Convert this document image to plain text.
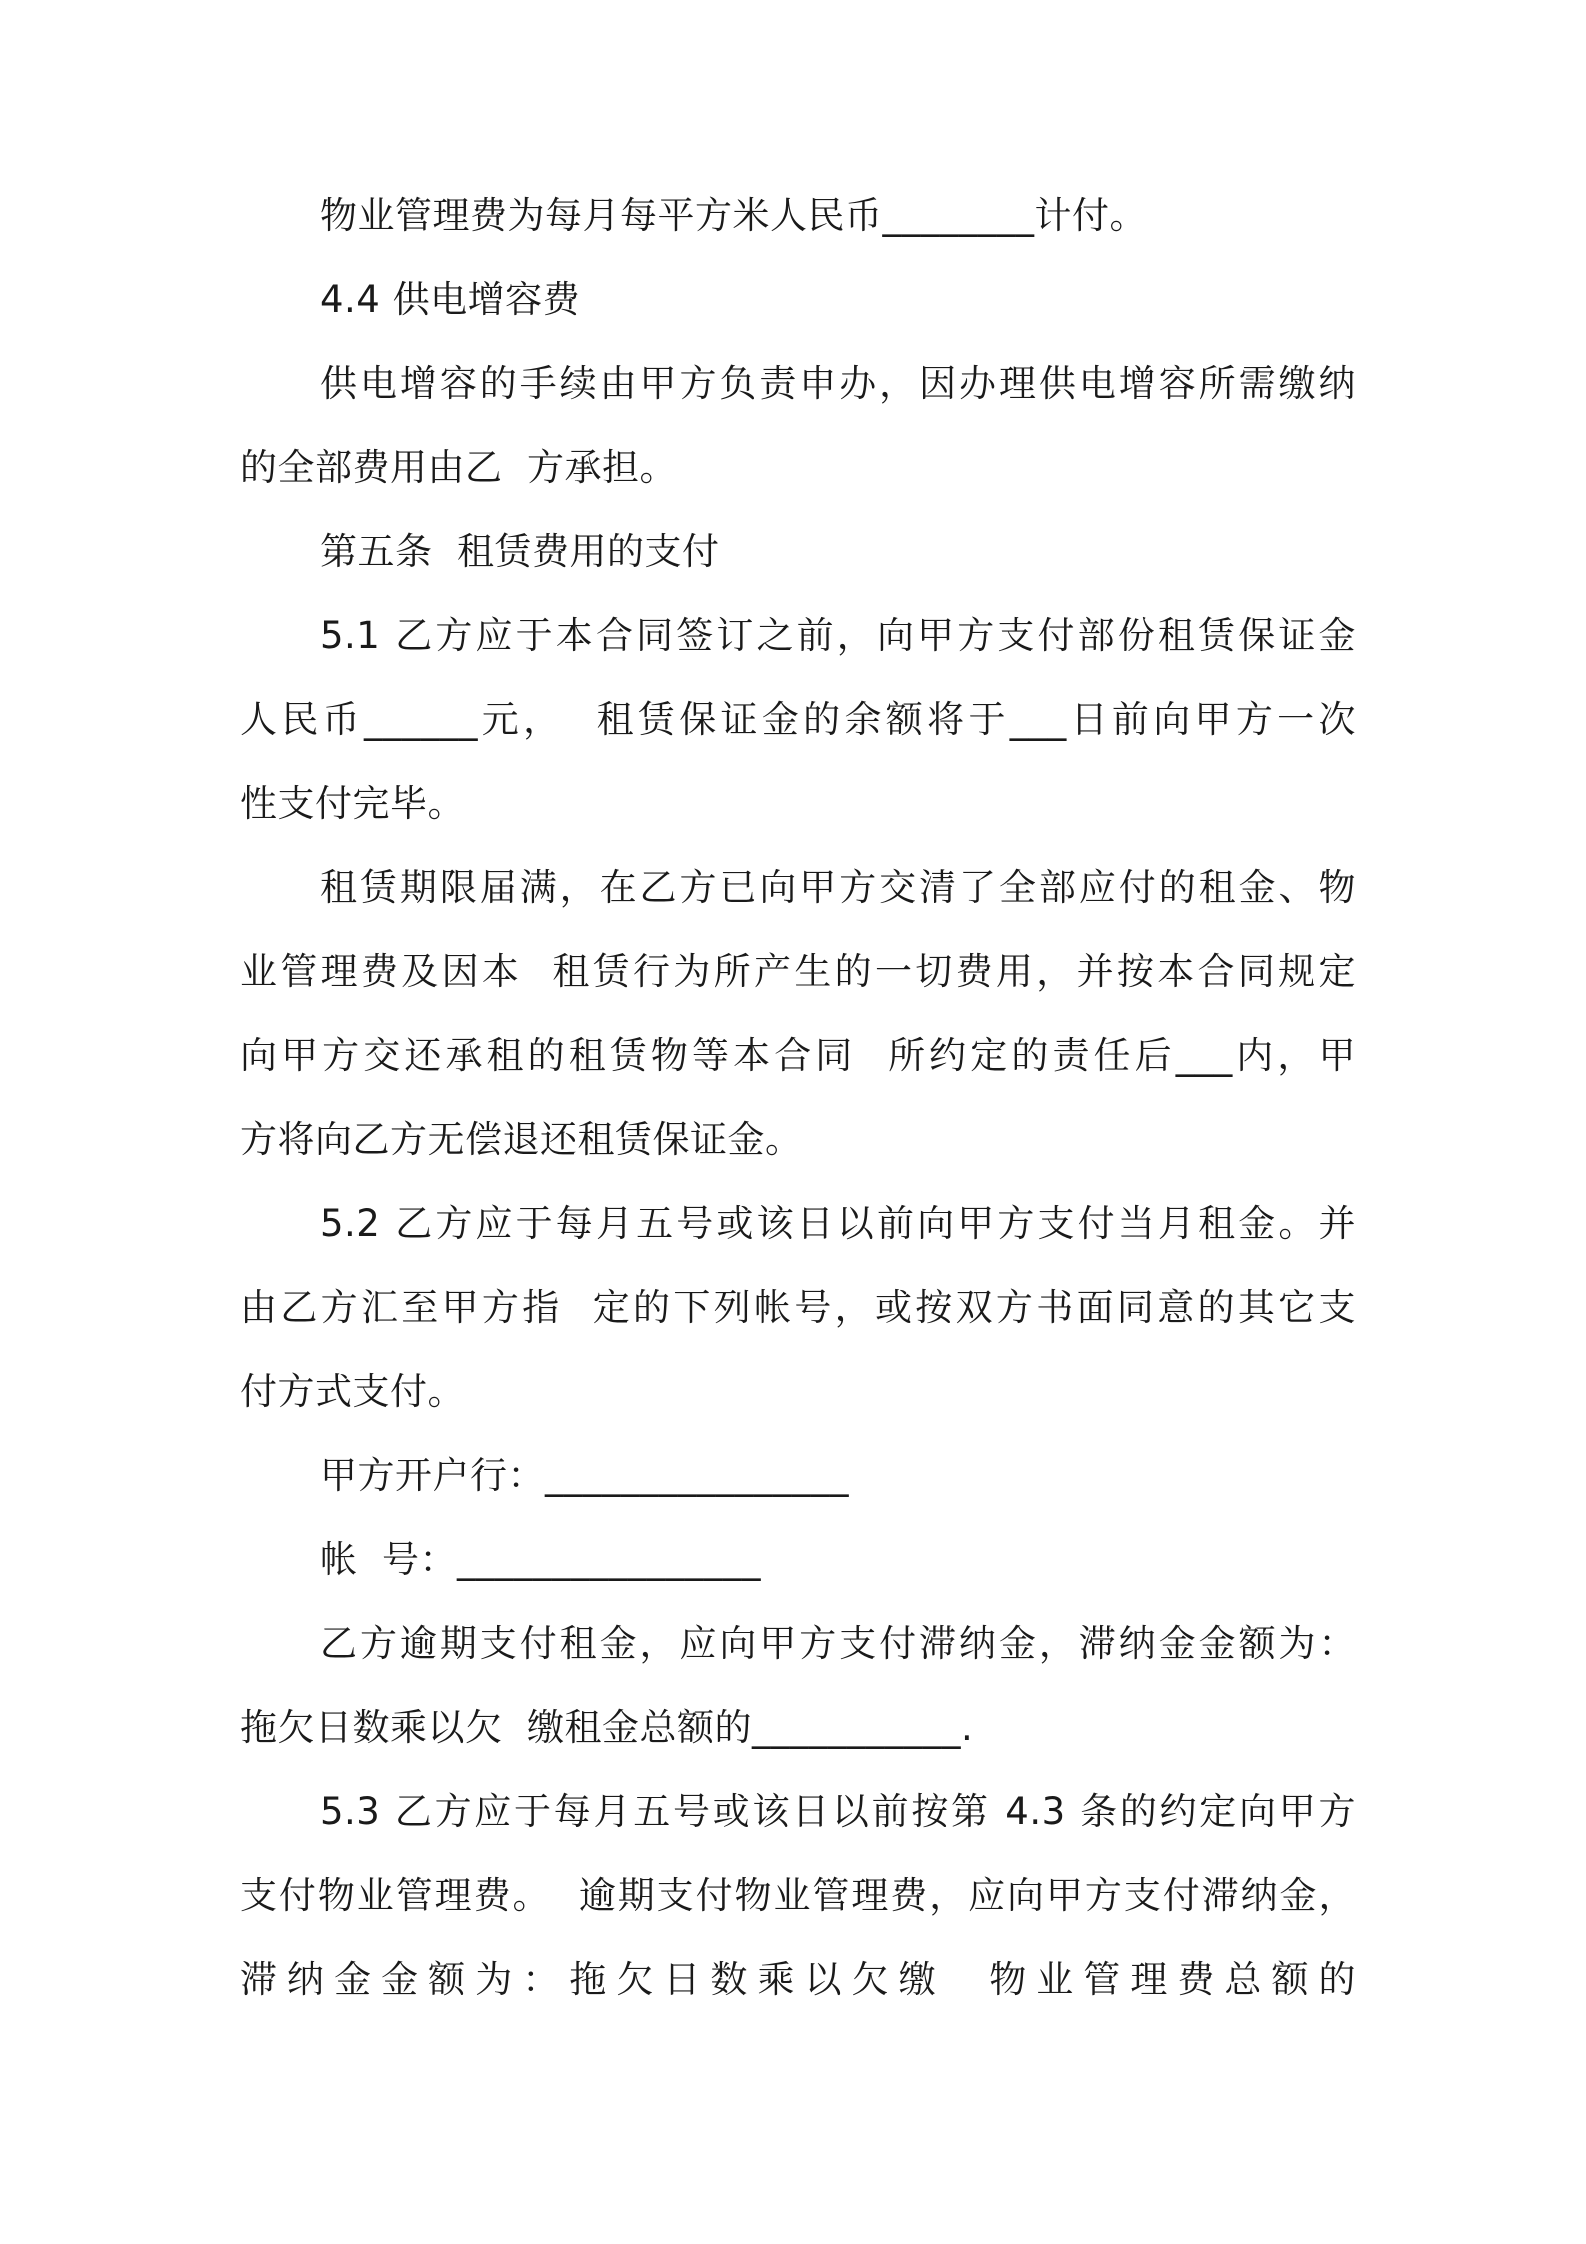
物业管理费为每月每平方米人民币________计付。
4.4 供电增容费
供电增容的手续由甲方负责申办，因办理供电增容所需缴纳
的全部费用由乙  方承担。
第五条  租赁费用的支付
5.1 乙方应于本合同签订之前，向甲方支付部份租赁保证金
人民币______元，  租赁保证金的余额将于___日前向甲方一次
性支付完毕。
租赁期限届满，在乙方已向甲方交清了全部应付的租金、物
业管理费及因本  租赁行为所产生的一切费用，并按本合同规定
向甲方交还承租的租赁物等本合同  所约定的责任后___内，甲
方将向乙方无偿退还租赁保证金。
5.2 乙方应于每月五号或该日以前向甲方支付当月租金。并
由乙方汇至甲方指  定的下列帐号，或按双方书面同意的其它支
付方式支付。
甲方开户行：________________
帐  号：________________
乙方逾期支付租金，应向甲方支付滞纳金，滞纳金金额为：
拖欠日数乘以欠  缴租金总额的___________.
5.3 乙方应于每月五号或该日以前按第 4.3 条的约定向甲方
支付物业管理费。  逾期支付物业管理费，应向甲方支付滞纳金，
滞纳金金额为：拖欠日数乘以欠缴  物业管理费总额的
